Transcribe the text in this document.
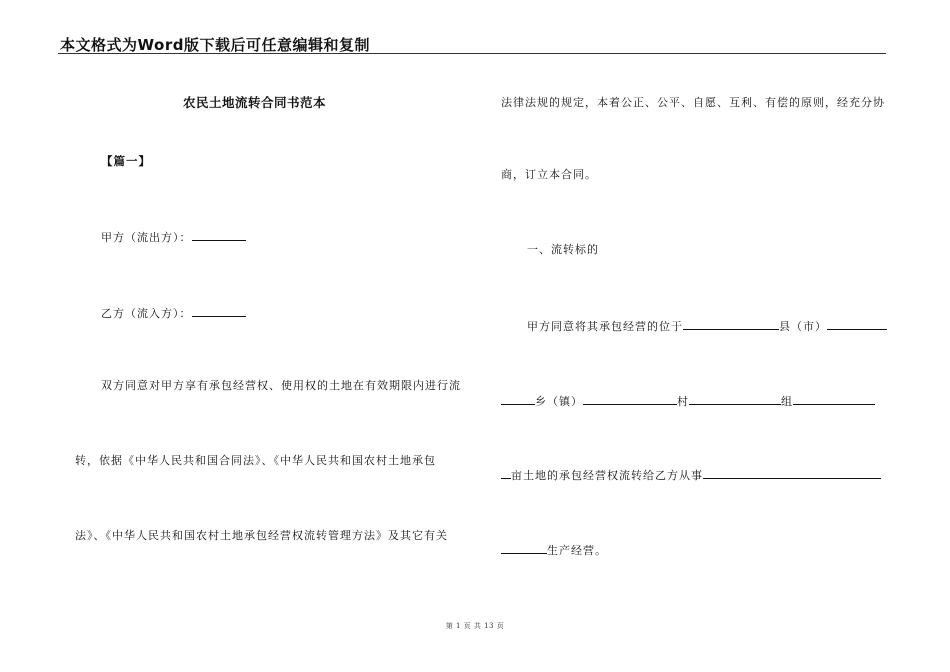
本文格式为Word版下载后可任意编辑和复制
农民土地流转合同书范本
【篇一】
甲方（流出方）：
乙方（流入方）：
双方同意对甲方享有承包经营权、使用权的土地在有效期限内进行流
转，依据《中华人民共和国合同法》、《中华人民共和国农村土地承包
法》、《中华人民共和国农村土地承包经营权流转管理方法》及其它有关
法律法规的规定，本着公正、公平、自愿、互利、有偿的原则，经充分协
商，订立本合同。
一、流转标的
甲方同意将其承包经营的位于	县（市）
乡（镇）	村	组
亩土地的承包经营权流转给乙方从事
生产经营。
第 1 页 共 13 页
